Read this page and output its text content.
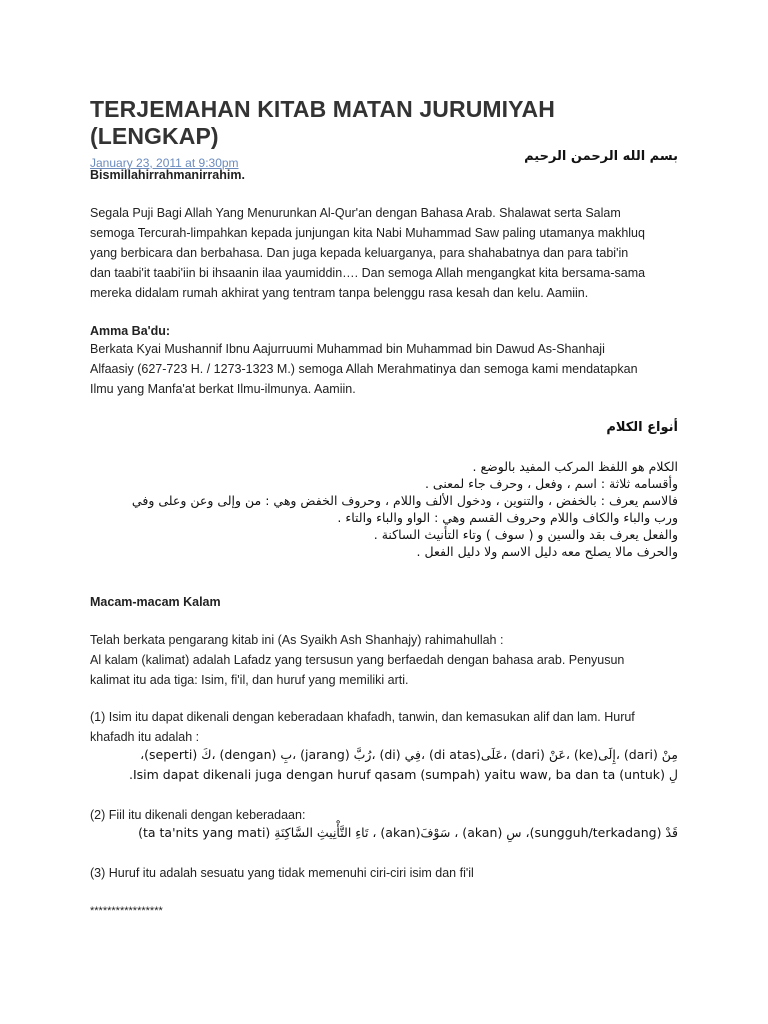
TERJEMAHAN KITAB MATAN JURUMIYAH (LENGKAP)
January 23, 2011 at 9:30pm	بسم الله الرحمن الرحيم
Bismillahirrahmanirrahim.

Segala Puji Bagi Allah Yang Menurunkan Al-Qur'an dengan Bahasa Arab. Shalawat serta Salam

semoga Tercurah-limpahkan kepada junjungan kita Nabi Muhammad Saw paling utamanya makhluq

yang berbicara dan berbahasa. Dan juga kepada keluarganya, para shahabatnya dan para tabi'in

dan taabi'it taabi'iin bi ihsaanin ilaa yaumiddin…. Dan semoga Allah mengangkat kita bersama-sama

mereka didalam rumah akhirat yang tentram tanpa belenggu rasa kesah dan kelu. Aamiin.

Amma Ba'du:

Berkata Kyai Mushannif Ibnu Aajurruumi Muhammad bin Muhammad bin Dawud As-Shanhaji

Alfaasiy (627-723 H. / 1273-1323 M.) semoga Allah Merahmatinya dan semoga kami mendatapkan

Ilmu yang Manfa'at berkat Ilmu-ilmunya. Aamiin.

أنواع الكلام
الكلام هو اللفظ المركب المفيد بالوضع .
وأقسامه ثلاثة : اسم ، وفعل ، وحرف جاء لمعنى .
فالاسم يعرف : بالخفض ، والتنوين ، ودخول الألف واللام ، وحروف الخفض وهي : من وإلى وعن وعلى وفي
ورب والباء والكاف واللام وحروف القسم وهي : الواو والباء والتاء .
والفعل يعرف بقد والسين و ( سوف ) وتاء التأنيث الساكنة .
والحرف مالا يصلح معه دليل الاسم ولا دليل الفعل .
Macam-macam Kalam

Telah berkata pengarang kitab ini (As Syaikh Ash Shanhajy) rahimahullah :

Al kalam (kalimat) adalah Lafadz yang tersusun yang berfaedah dengan bahasa arab. Penyusun

kalimat itu ada tiga: Isim, fi'il, dan huruf yang memiliki arti.

(1) Isim itu dapat dikenali dengan keberadaan khafadh, tanwin, dan kemasukan alif dan lam. Huruf

khafadh itu adalah :

مِنْ (dari) ،إِلَى(ke) ،عَنْ (dari) ،عَلَى(di atas) ،فِي (di) ،رُبَّ (jarang) ،بِ (dengan) ،كَ (seperti)،
لِ (untuk) Isim dapat dikenali juga dengan huruf qasam (sumpah) yaitu waw, ba dan ta.
(2) Fiil itu dikenali dengan keberadaan:
قَدْ (sungguh/terkadang)، سِ (akan) ، سَوْفَ(akan) ، تَاءِ التَّأْنِيثِ السَّاكِنَةِ (ta ta'nits yang mati)
(3) Huruf itu adalah sesuatu yang tidak memenuhi ciri-ciri isim dan fi'il
*****************
